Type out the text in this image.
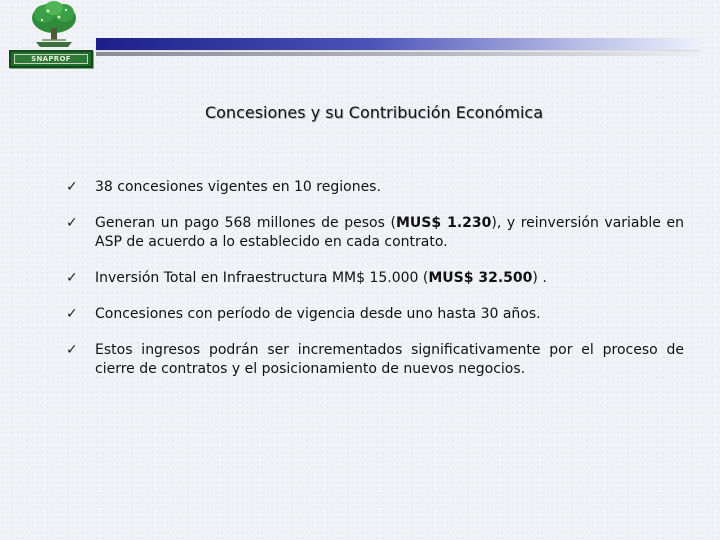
SNAPROF
Concesiones y su Contribución Económica
✓ 38 concesiones vigentes en 10 regiones.
✓ Generan un pago 568 millones de pesos (MUS$ 1.230), y reinversión variable en ASP de acuerdo a lo establecido en cada contrato.
✓ Inversión Total en Infraestructura MM$ 15.000 (MUS$ 32.500) .
✓ Concesiones con período de vigencia desde uno hasta 30 años.
✓ Estos ingresos podrán ser incrementados significativamente por el proceso de cierre de contratos y el posicionamiento de nuevos negocios.
